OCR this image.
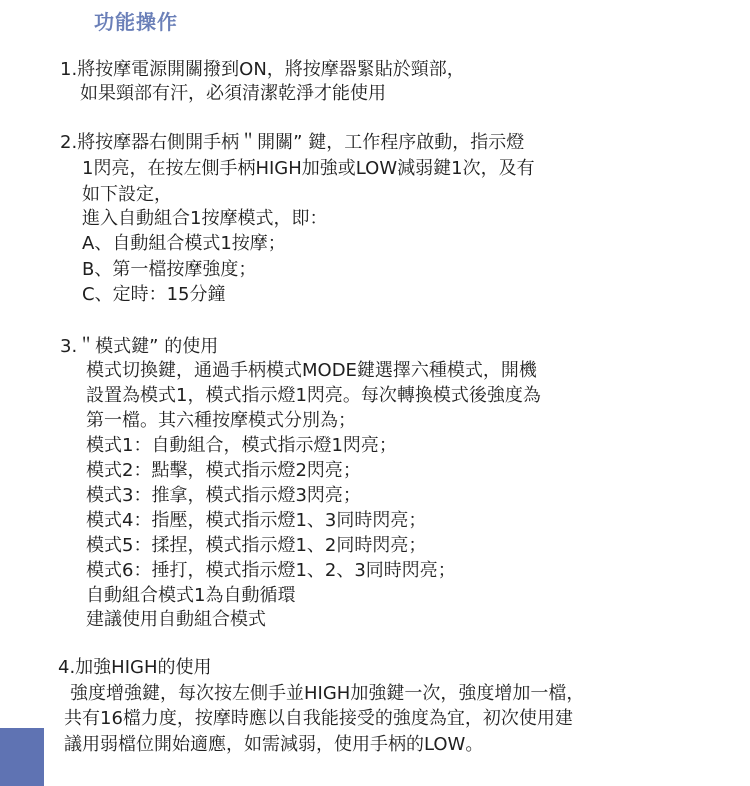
功能操作
1.將按摩電源開關撥到ON，將按摩器緊貼於頸部，
如果頸部有汗，必須清潔乾淨才能使用
2.將按摩器右側開手柄＂開關” 鍵，工作程序啟動，指示燈
1閃亮，在按左側手柄HIGH加強或LOW減弱鍵1次，及有
如下設定，
進入自動組合1按摩模式，即：
A、自動組合模式1按摩；
B、第一檔按摩強度；
C、定時：15分鐘
3.＂模式鍵” 的使用
模式切換鍵，通過手柄模式MODE鍵選擇六種模式，開機
設置為模式1，模式指示燈1閃亮。每次轉換模式後強度為
第一檔。其六種按摩模式分別為；
模式1：自動組合，模式指示燈1閃亮；
模式2：點擊，模式指示燈2閃亮；
模式3：推拿，模式指示燈3閃亮；
模式4：指壓，模式指示燈1、3同時閃亮；
模式5：揉捏，模式指示燈1、2同時閃亮；
模式6：捶打，模式指示燈1、2、3同時閃亮；
自動組合模式1為自動循環
建議使用自動組合模式
4.加強HIGH的使用
強度增強鍵，每次按左側手並HIGH加強鍵一次，強度增加一檔，
共有16檔力度，按摩時應以自我能接受的強度為宜，初次使用建
議用弱檔位開始適應，如需減弱，使用手柄的LOW。
